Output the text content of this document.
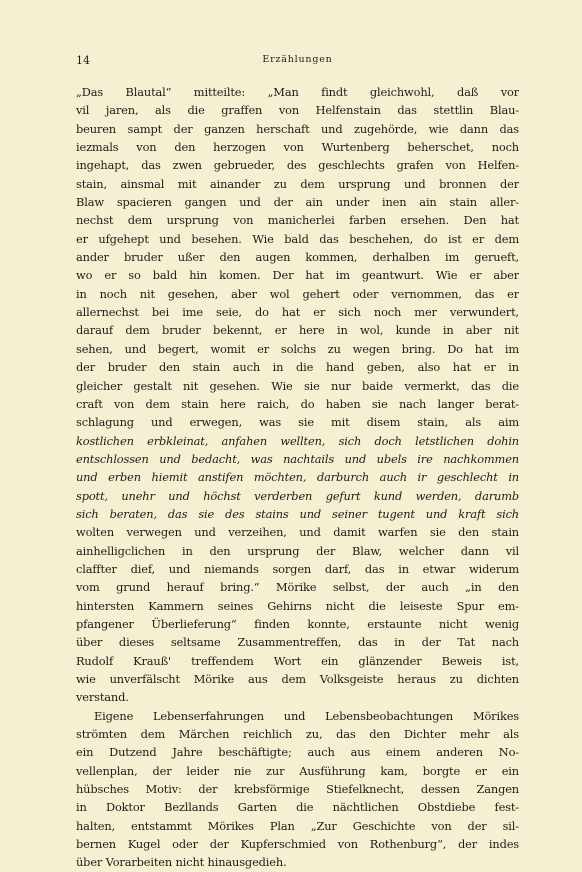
14	Erzählungen
„Das Blautal“ mitteilte: „Man findt gleichwohl, daß vor
vil jaren, als die graffen von Helfenstain das stettlin Blau-
beuren sampt der ganzen herschaft und zugehörde, wie dann das
iezmals von den herzogen von Wurtenberg beherschet, noch
ingehapt, das zwen gebrueder, des geschlechts grafen von Helfen-
stain, ainsmal mit ainander zu dem ursprung und bronnen der
Blaw spacieren gangen und der ain under inen ain stain aller-
nechst dem ursprung von manicherlei farben ersehen. Den hat
er ufgehept und besehen. Wie bald das beschehen, do ist er dem
ander bruder ußer den augen kommen, derhalben im gerueft,
wo er so bald hin komen. Der hat im geantwurt. Wie er aber
in noch nit gesehen, aber wol gehert oder vernommen, das er
allernechst bei ime seie, do hat er sich noch mer verwundert,
darauf dem bruder bekennt, er here in wol, kunde in aber nit
sehen, und begert, womit er solchs zu wegen bring. Do hat im
der bruder den stain auch in die hand geben, also hat er in
gleicher gestalt nit gesehen. Wie sie nur baide vermerkt, das die
craft von dem stain here raich, do haben sie nach langer berat-
schlagung und erwegen, was sie mit disem stain, als aim
kostlichen erbkleinat, anfahen wellten, sich doch letstlichen dohin
entschlossen und bedacht, was nachtails und ubels ire nachkommen
und erben hiemit anstifen möchten, darburch auch ir geschlecht in
spott, unehr und höchst verderben gefurt kund werden, darumb
sich beraten, das sie des stains und seiner tugent und kraft sich
wolten verwegen und verzeihen, und damit warfen sie den stain
ainhelligclichen in den ursprung der Blaw, welcher dann vil
claffter dief, und niemands sorgen darf, das in etwar widerum
vom grund herauf bring.“ Mörike selbst, der auch „in den
hintersten Kammern seines Gehirns nicht die leiseste Spur em-
pfangener Überlieferung“ finden konnte, erstaunte nicht wenig
über dieses seltsame Zusammentreffen, das in der Tat nach
Rudolf Krauß' treffendem Wort ein glänzender Beweis ist,
wie unverfälscht Mörike aus dem Volksgeiste heraus zu dichten
verstand.
Eigene Lebenserfahrungen und Lebensbeobachtungen Mörikes
strömten dem Märchen reichlich zu, das den Dichter mehr als
ein Dutzend Jahre beschäftigte; auch aus einem anderen No-
vellenplan, der leider nie zur Ausführung kam, borgte er ein
hübsches Motiv: der krebsförmige Stiefelknecht, dessen Zangen
in Doktor Bezllands Garten die nächtlichen Obstdiebe fest-
halten, entstammt Mörikes Plan „Zur Geschichte von der sil-
bernen Kugel oder der Kupferschmied von Rothenburg“, der indes
über Vorarbeiten nicht hinausgedieh.
